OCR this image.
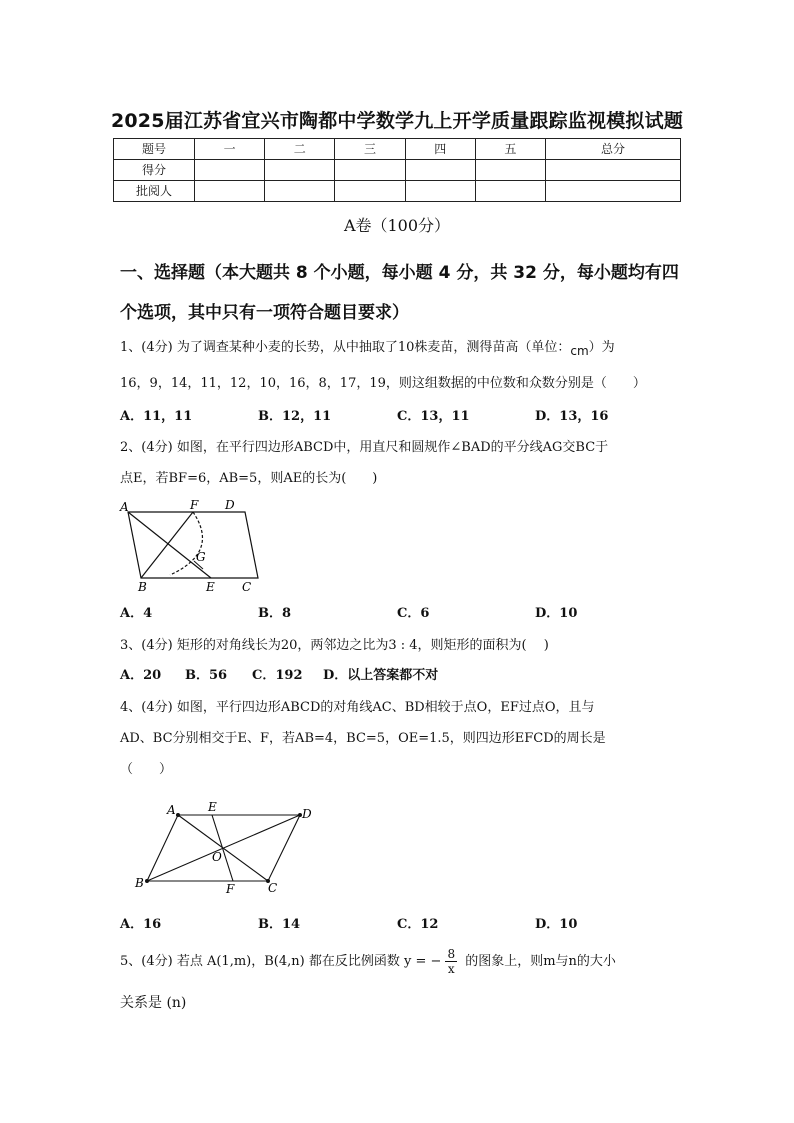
2025届江苏省宜兴市陶都中学数学九上开学质量跟踪监视模拟试题
题号	一	二	三	四	五	总分
得分						
批阅人						
A卷（100分）
一、选择题（本大题共 8 个小题，每小题 4 分，共 32 分，每小题均有四个选项，其中只有一项符合题目要求）
1、(4分) 为了调查某种小麦的长势，从中抽取了10株麦苗，测得苗高（单位：cm）为
16，9，14，11，12，10，16，8，17，19，则这组数据的中位数和众数分别是（　　）
A．11，11	B．12，11	C．13，11	D．13，16
2、(4分) 如图，在平行四边形ABCD中，用直尺和圆规作∠BAD的平分线AG交BC于
点E，若BF=6，AB=5，则AE的长为(　　)
A	F D
G
B	E C
A．4	B．8	C．6	D．10
3、(4分) 矩形的对角线长为20，两邻边之比为3 : 4，则矩形的面积为(　 )
A．20 B．56 C．192 D．以上答案都不对
4、(4分) 如图，平行四边形ABCD的对角线AC、BD相较于点O，EF过点O，且与
AD、BC分别相交于E、F，若AB=4，BC=5，OE=1.5，则四边形EFCD的周长是
（　　）
A	E	D
O
B	F	C
A．16	B．14	C．12	D．10
5、(4分) 若点 A(1,m)，B(4,n) 都在反比例函数 y = − $\frac{8}{x}$ 的图象上，则m与n的大小
关系是 (n)
